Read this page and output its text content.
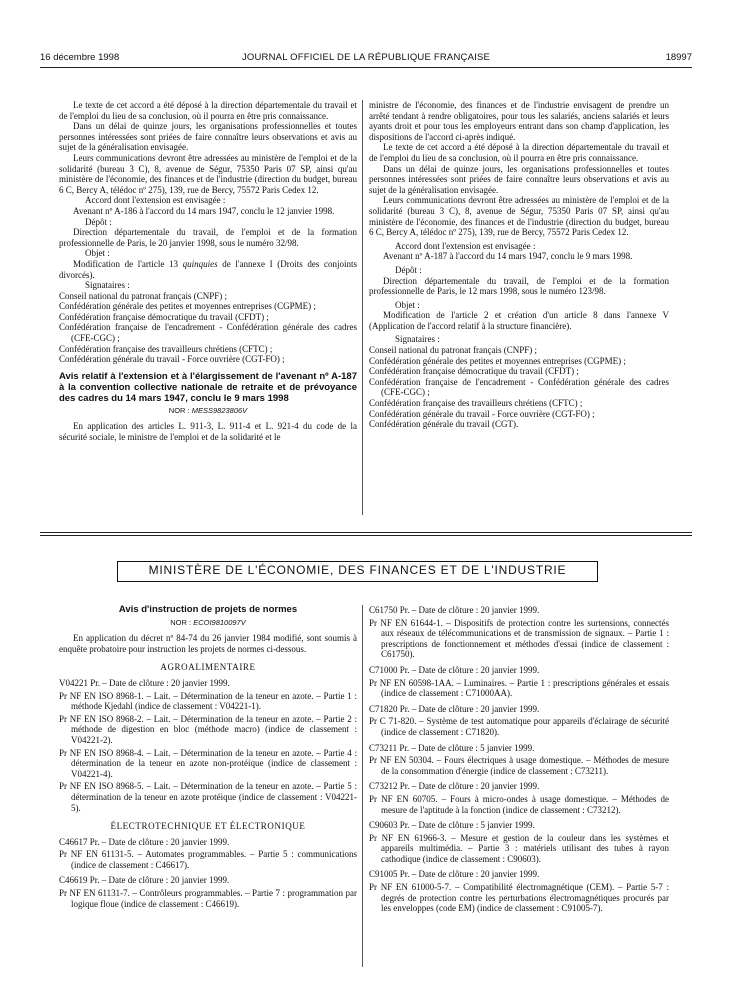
16 décembre 1998	JOURNAL OFFICIEL DE LA RÉPUBLIQUE FRANÇAISE	18997

Le texte de cet accord a été déposé à la direction départementale du travail et de l'emploi du lieu de sa conclusion, où il pourra en être pris connaissance.

Dans un délai de quinze jours, les organisations professionnelles et toutes personnes intéressées sont priées de faire connaître leurs observations et avis au sujet de la généralisation envisagée.

Leurs communications devront être adressées au ministère de l'emploi et de la solidarité (bureau 3 C), 8, avenue de Ségur, 75350 Paris 07 SP, ainsi qu'au ministère de l'économie, des finances et de l'industrie (direction du budget, bureau 6 C, Bercy A, télédoc nº 275), 139, rue de Bercy, 75572 Paris Cedex 12.

Accord dont l'extension est envisagée :

Avenant nº A-186 à l'accord du 14 mars 1947, conclu le 12 janvier 1998.

Dépôt :

Direction départementale du travail, de l'emploi et de la formation professionnelle de Paris, le 20 janvier 1998, sous le numéro 32/98.

Objet :

Modification de l'article 13 quinquies de l'annexe I (Droits des conjoints divorcés).

Signataires :

Conseil national du patronat français (CNPF) ;

Confédération générale des petites et moyennes entreprises (CGPME) ;

Confédération française démocratique du travail (CFDT) ;

Confédération française de l'encadrement - Confédération générale des cadres (CFE-CGC) ;

Confédération française des travailleurs chrétiens (CFTC) ;

Confédération générale du travail - Force ouvrière (CGT-FO) ;

Avis relatif à l'extension et à l'élargissement de l'avenant nº A-187 à la convention collective nationale de retraite et de prévoyance des cadres du 14 mars 1947, conclu le 9 mars 1998

NOR : MESS9823806V

En application des articles L. 911-3, L. 911-4 et L. 921-4 du code de la sécurité sociale, le ministre de l'emploi et de la solidarité et le

ministre de l'économie, des finances et de l'industrie envisagent de prendre un arrêté tendant à rendre obligatoires, pour tous les salariés, anciens salariés et leurs ayants droit et pour tous les employeurs entrant dans son champ d'application, les dispositions de l'accord ci-après indiqué.

Le texte de cet accord a été déposé à la direction départementale du travail et de l'emploi du lieu de sa conclusion, où il pourra en être pris connaissance.

Dans un délai de quinze jours, les organisations professionnelles et toutes personnes intéressées sont priées de faire connaître leurs observations et avis au sujet de la généralisation envisagée.

Leurs communications devront être adressées au ministère de l'emploi et de la solidarité (bureau 3 C), 8, avenue de Ségur, 75350 Paris 07 SP, ainsi qu'au ministère de l'économie, des finances et de l'industrie (direction du budget, bureau 6 C, Bercy A, télédoc nº 275), 139, rue de Bercy, 75572 Paris Cedex 12.

Accord dont l'extension est envisagée :

Avenant nº A-187 à l'accord du 14 mars 1947, conclu le 9 mars 1998.

Dépôt :

Direction départementale du travail, de l'emploi et de la formation professionnelle de Paris, le 12 mars 1998, sous le numéro 123/98.

Objet :

Modification de l'article 2 et création d'un article 8 dans l'annexe V (Application de l'accord relatif à la structure financière).

Signataires :

Conseil national du patronat français (CNPF) ;

Confédération générale des petites et moyennes entreprises (CGPME) ;

Confédération française démocratique du travail (CFDT) ;

Confédération française de l'encadrement - Confédération générale des cadres (CFE-CGC) ;

Confédération française des travailleurs chrétiens (CFTC) ;

Confédération générale du travail - Force ouvrière (CGT-FO) ;

Confédération générale du travail (CGT).

MINISTÈRE DE L'ÉCONOMIE, DES FINANCES ET DE L'INDUSTRIE

Avis d'instruction de projets de normes

NOR : ECOI9810097V

En application du décret nº 84-74 du 26 janvier 1984 modifié, sont soumis à enquête probatoire pour instruction les projets de normes ci-dessous.

AGROALIMENTAIRE

V04221 Pr. – Date de clôture : 20 janvier 1999.

Pr NF EN ISO 8968-1. – Lait. – Détermination de la teneur en azote. – Partie 1 : méthode Kjedahl (indice de classement : V04221-1).

Pr NF EN ISO 8968-2. – Lait. – Détermination de la teneur en azote. – Partie 2 : méthode de digestion en bloc (méthode macro) (indice de classement : V04221-2).

Pr NF EN ISO 8968-4. – Lait. – Détermination de la teneur en azote. – Partie 4 : détermination de la teneur en azote non-protéique (indice de classement : V04221-4).

Pr NF EN ISO 8968-5. – Lait. – Détermination de la teneur en azote. – Partie 5 : détermination de la teneur en azote protéique (indice de classement : V04221-5).

ÉLECTROTECHNIQUE ET ÉLECTRONIQUE

C46617 Pr. – Date de clôture : 20 janvier 1999.

Pr NF EN 61131-5. – Automates programmables. – Partie 5 : communications (indice de classement : C46617).

C46619 Pr. – Date de clôture : 20 janvier 1999.

Pr NF EN 61131-7. – Contrôleurs programmables. – Partie 7 : programmation par logique floue (indice de classement : C46619).

C61750 Pr. – Date de clôture : 20 janvier 1999.

Pr NF EN 61644-1. – Dispositifs de protection contre les surtensions, connectés aux réseaux de télécommunications et de transmission de signaux. – Partie 1 : prescriptions de fonctionnement et méthodes d'essai (indice de classement : C61750).

C71000 Pr. – Date de clôture : 20 janvier 1999.

Pr NF EN 60598-1AA. – Luminaires. – Partie 1 : prescriptions générales et essais (indice de classement : C71000AA).

C71820 Pr. – Date de clôture : 20 janvier 1999.

Pr C 71-820. – Système de test automatique pour appareils d'éclairage de sécurité (indice de classement : C71820).

C73211 Pr. – Date de clôture : 5 janvier 1999.

Pr NF EN 50304. – Fours électriques à usage domestique. – Méthodes de mesure de la consommation d'énergie (indice de classement : C73211).

C73212 Pr. – Date de clôture : 20 janvier 1999.

Pr NF EN 60705. – Fours à micro-ondes à usage domestique. – Méthodes de mesure de l'aptitude à la fonction (indice de classement : C73212).

C90603 Pr. – Date de clôture : 5 janvier 1999.

Pr NF EN 61966-3. – Mesure et gestion de la couleur dans les systèmes et appareils multimédia. – Partie 3 : matériels utilisant des tubes à rayon cathodique (indice de classement : C90603).

C91005 Pr. – Date de clôture : 20 janvier 1999.

Pr NF EN 61000-5-7. – Compatibilité électromagnétique (CEM). – Partie 5-7 : degrés de protection contre les perturbations électromagnétiques procurés par les enveloppes (code EM) (indice de classement : C91005-7).
